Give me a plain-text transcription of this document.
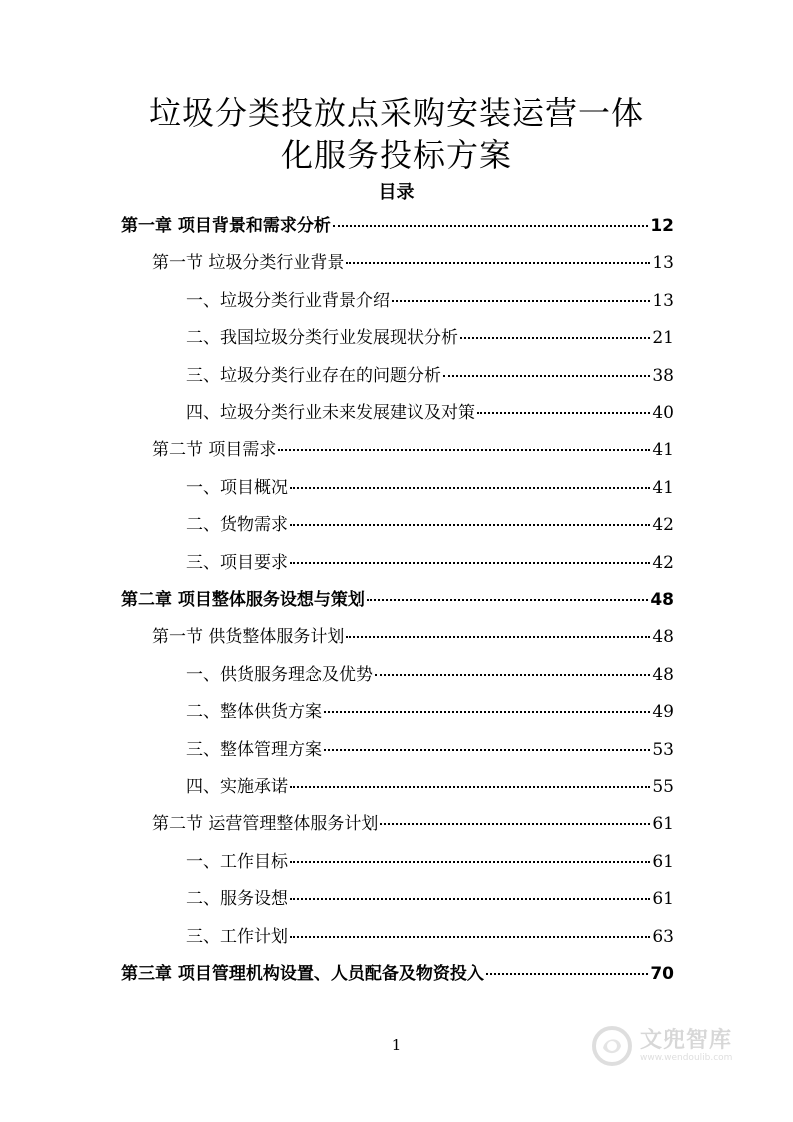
垃圾分类投放点采购安装运营一体
化服务投标方案
目录
第一章 项目背景和需求分析	12
第一节 垃圾分类行业背景	13
一、垃圾分类行业背景介绍	13
二、我国垃圾分类行业发展现状分析	21
三、垃圾分类行业存在的问题分析	38
四、垃圾分类行业未来发展建议及对策	40
第二节 项目需求	41
一、项目概况	41
二、货物需求	42
三、项目要求	42
第二章 项目整体服务设想与策划	48
第一节 供货整体服务计划	48
一、供货服务理念及优势	48
二、整体供货方案	49
三、整体管理方案	53
四、实施承诺	55
第二节 运营管理整体服务计划	61
一、工作目标	61
二、服务设想	61
三、工作计划	63
第三章 项目管理机构设置、人员配备及物资投入	70
1	文兜智库
www.wendoulib.com
